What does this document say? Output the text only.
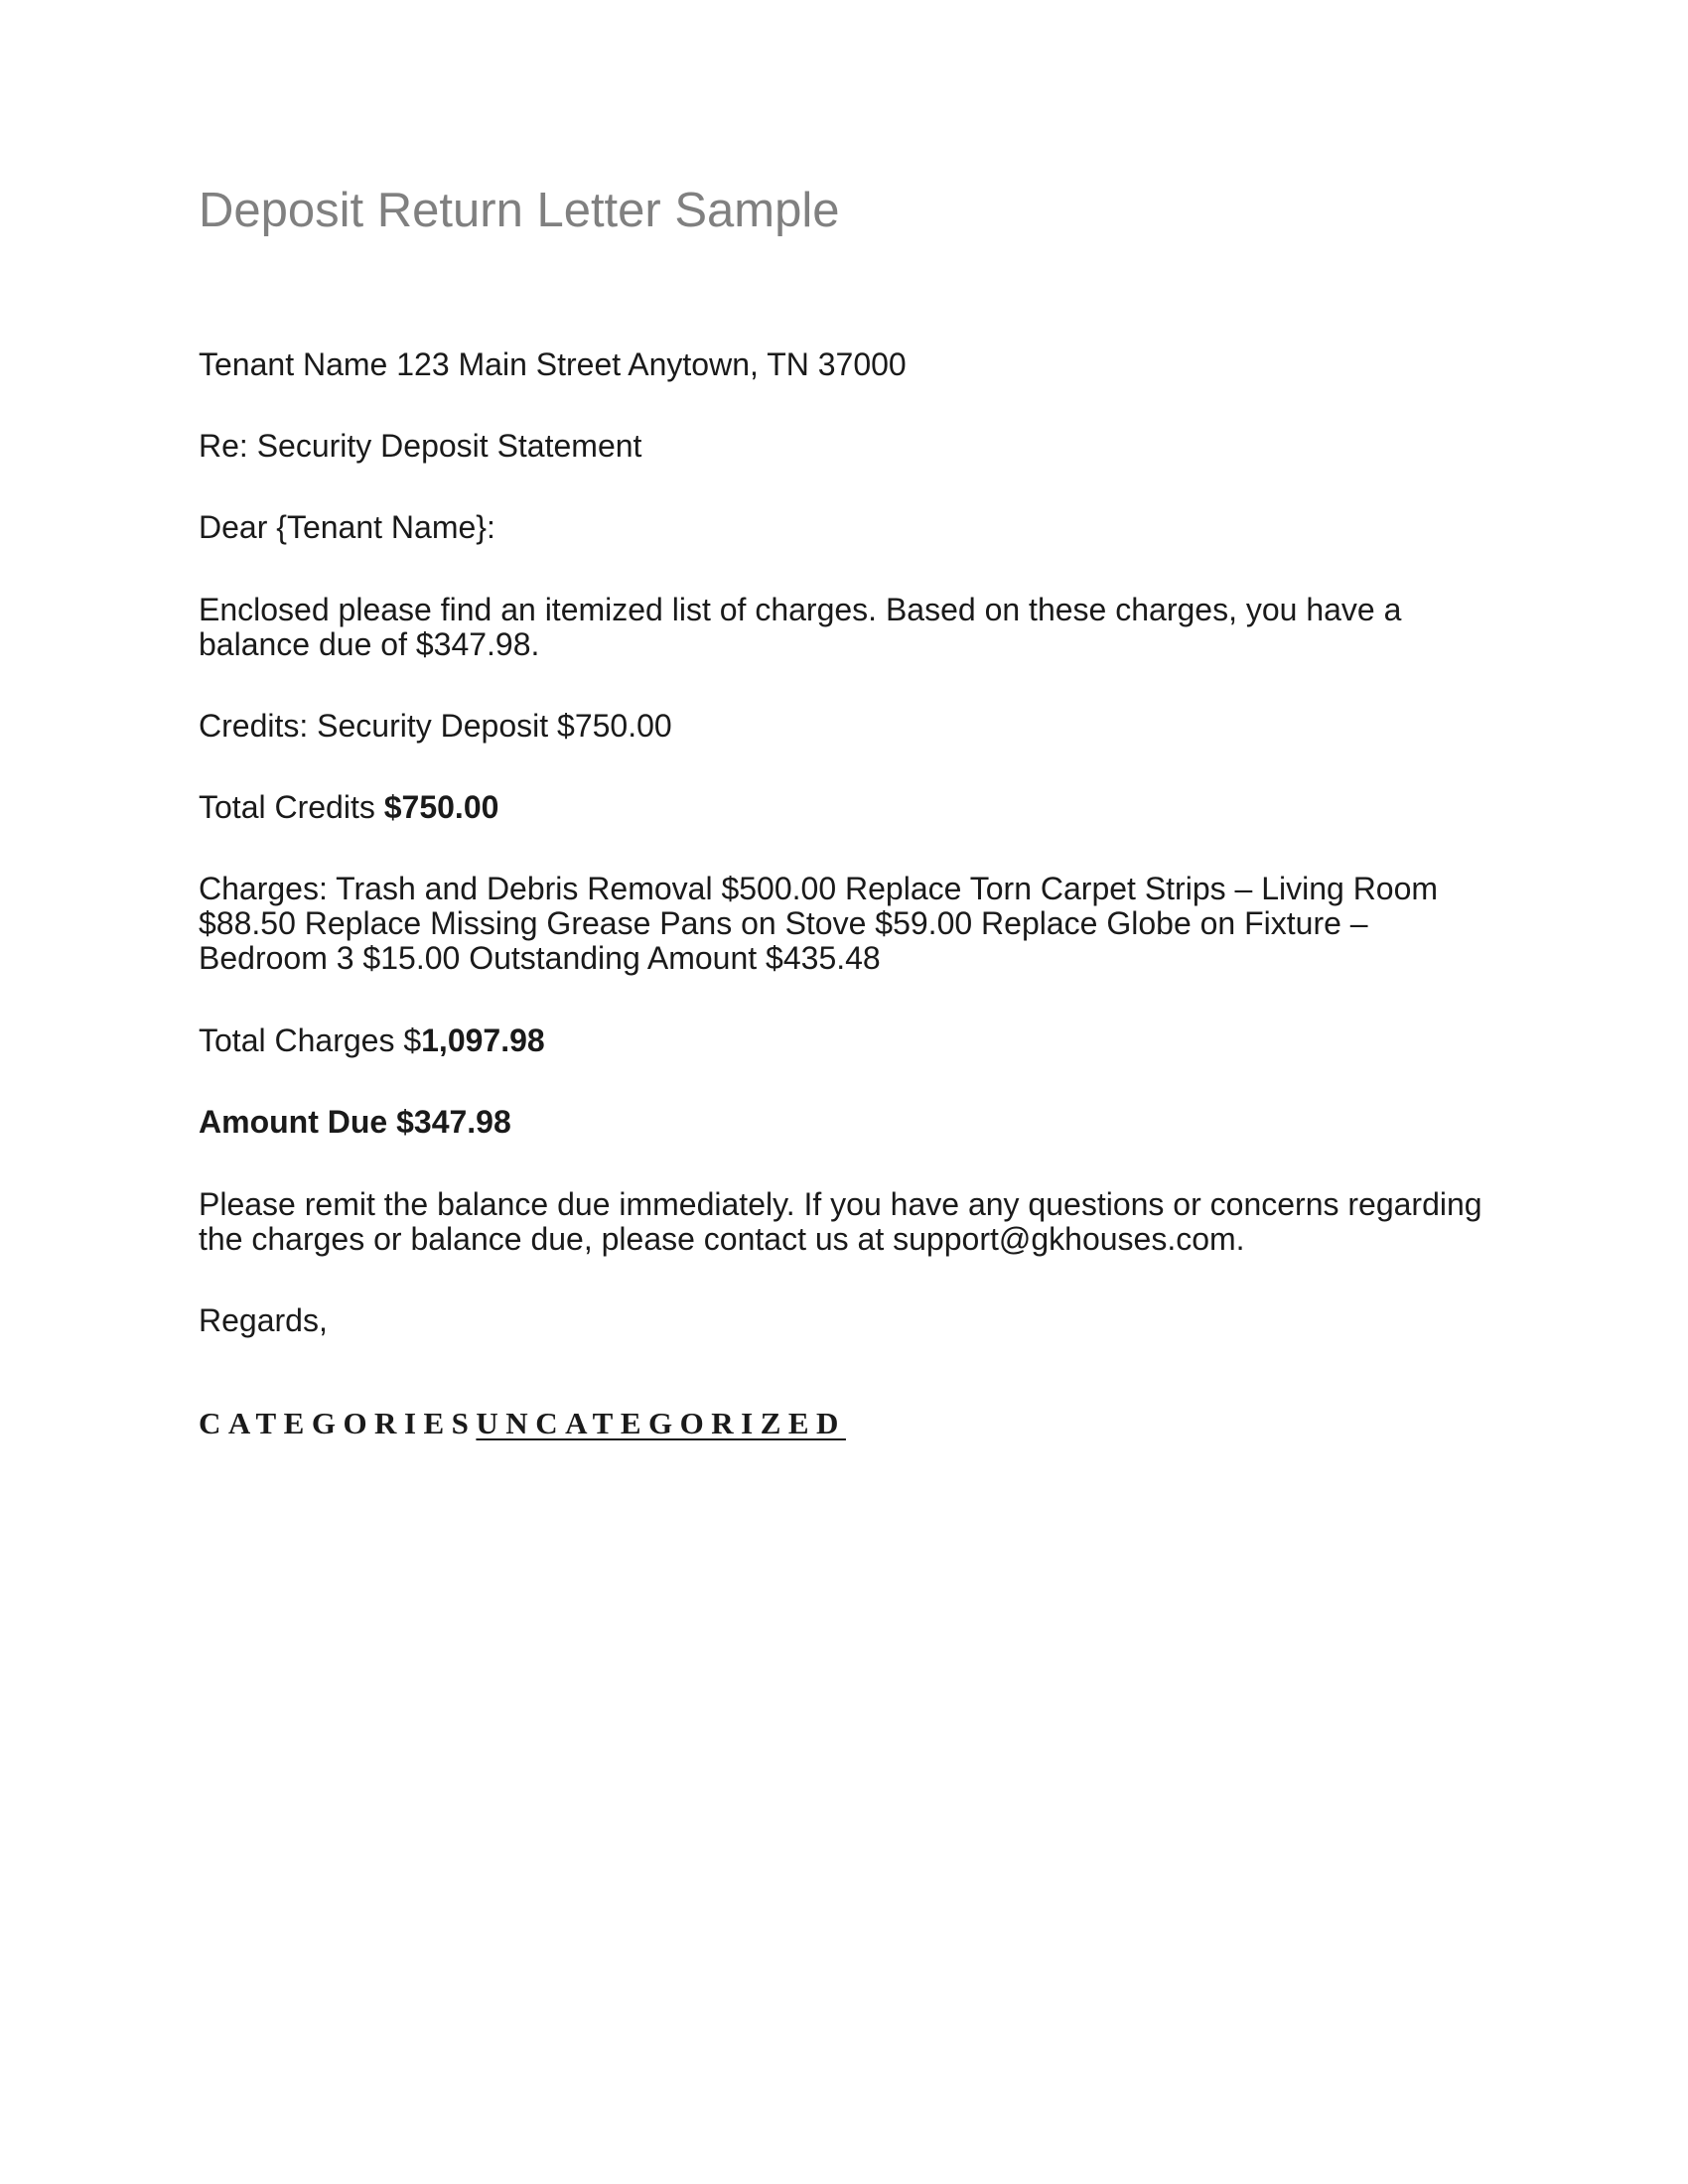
Deposit Return Letter Sample

Tenant Name 123 Main Street Anytown, TN 37000

Re: Security Deposit Statement

Dear {Tenant Name}:

Enclosed please find an itemized list of charges. Based on these charges, you have a balance due of $347.98.

Credits: Security Deposit $750.00

Total Credits $750.00

Charges: Trash and Debris Removal $500.00 Replace Torn Carpet Strips – Living Room $88.50 Replace Missing Grease Pans on Stove $59.00 Replace Globe on Fixture – Bedroom 3 $15.00 Outstanding Amount $435.48

Total Charges $1,097.98

Amount Due $347.98

Please remit the balance due immediately. If you have any questions or concerns regarding the charges or balance due, please contact us at support@gkhouses.com.

Regards,

CATEGORIESUNCATEGORIZED
